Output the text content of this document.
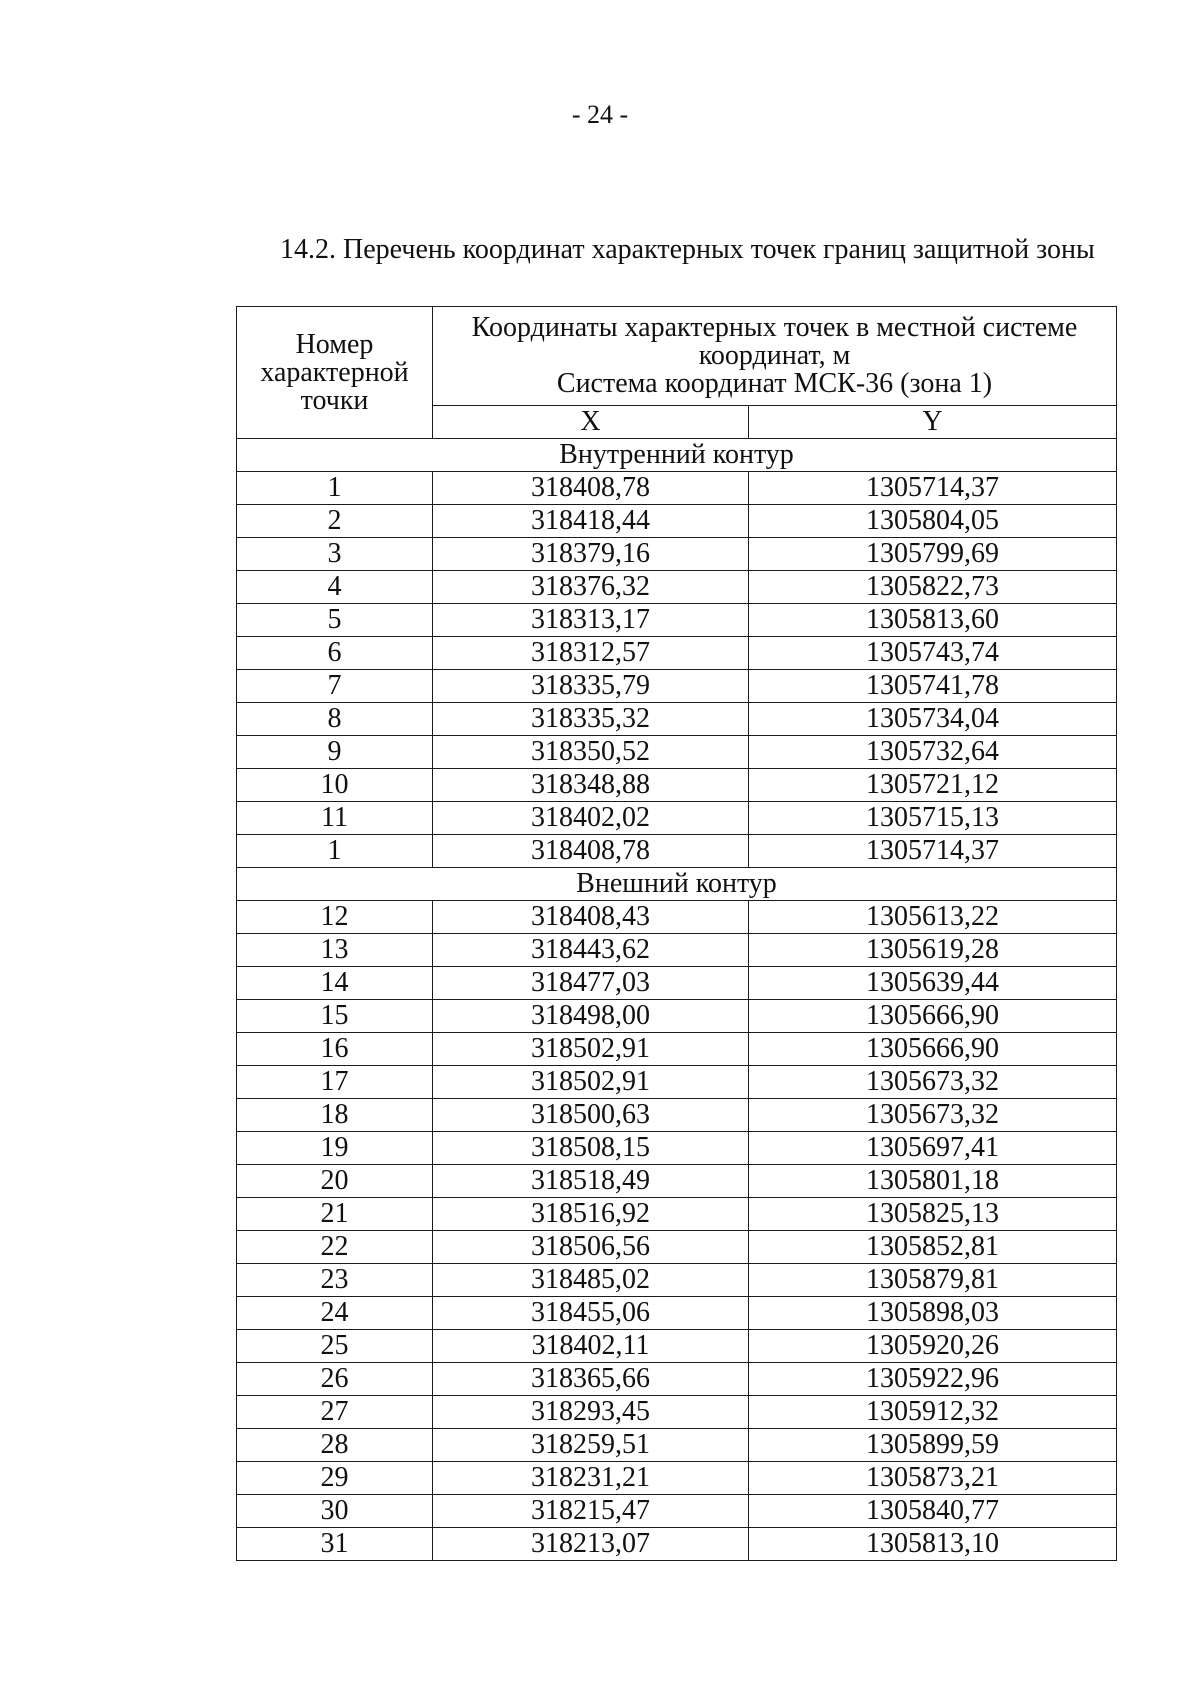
- 24 -
14.2. Перечень координат характерных точек границ защитной зоны
Номер характерной точки	Координаты характерных точек в местной системе координат, м
Система координат МСК-36 (зона 1)	

	X	Y
Внутренний контур		
1	318408,78	1305714,37
2	318418,44	1305804,05
3	318379,16	1305799,69
4	318376,32	1305822,73
5	318313,17	1305813,60
6	318312,57	1305743,74
7	318335,79	1305741,78
8	318335,32	1305734,04
9	318350,52	1305732,64
10	318348,88	1305721,12
11	318402,02	1305715,13
1	318408,78	1305714,37
Внешний контур		
12	318408,43	1305613,22
13	318443,62	1305619,28
14	318477,03	1305639,44
15	318498,00	1305666,90
16	318502,91	1305666,90
17	318502,91	1305673,32
18	318500,63	1305673,32
19	318508,15	1305697,41
20	318518,49	1305801,18
21	318516,92	1305825,13
22	318506,56	1305852,81
23	318485,02	1305879,81
24	318455,06	1305898,03
25	318402,11	1305920,26
26	318365,66	1305922,96
27	318293,45	1305912,32
28	318259,51	1305899,59
29	318231,21	1305873,21
30	318215,47	1305840,77
31	318213,07	1305813,10
